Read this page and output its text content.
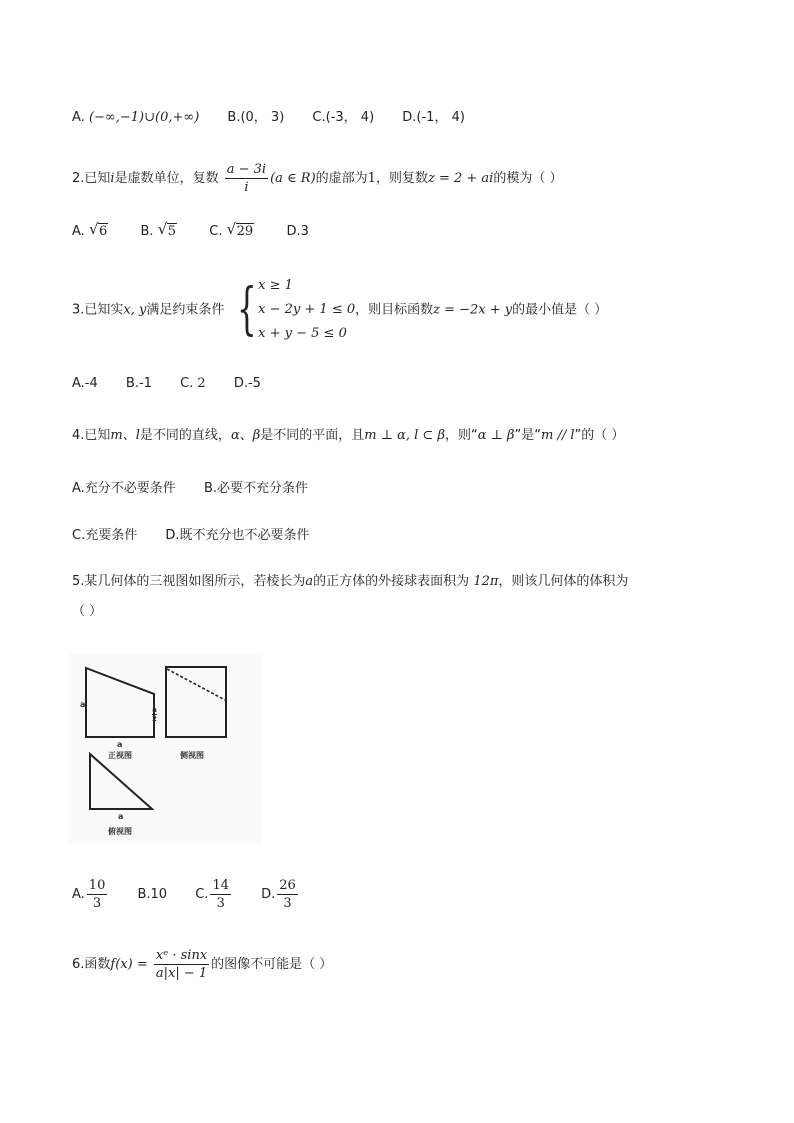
A. (−∞,−1)∪(0,+∞) B.(0， 3) C.(-3， 4) D.(-1， 4)
2.已知i是虚数单位，复数 $\frac{a - 3i}{i} (a$ ∈ R)的虚部为1，则复数z = 2 + ai的模为（ ）
A. √ 6	B. √ 5	C. √ 29	D.3
3.已知实x, y满足约束条件 { x ≥ 1
x − 2y + 1 ≤ 0
x + y − 5 ≤ 0
，则目标函数z = −2x + y的最小值是（ ）
A.-4 B.-1 C. 2 D.-5
4.已知m、l是不同的直线，α、β是不同的平面，且m ⊥ α, l ⊂ β，则“α ⊥ β”是“m // l”的（ ）
A.充分不必要条件 B.必要不充分条件
C.充要条件 D.既不充分也不必要条件
5.某几何体的三视图如图所示，若棱长为a的正方体的外接球表面积为 12π，则该几何体的体积为
（ ）
a
a
$\frac{a}{2}$
正视图	侧视图
a
俯视图
A. $\frac{10}{3} B.10$ C. $\frac{14}{3} D$. $\frac{26}{3}$
6.函数$f(x) = \frac{\text{xᵉ · sinx}}{a|x| - 1}$ 的图像不可能是（ ）
